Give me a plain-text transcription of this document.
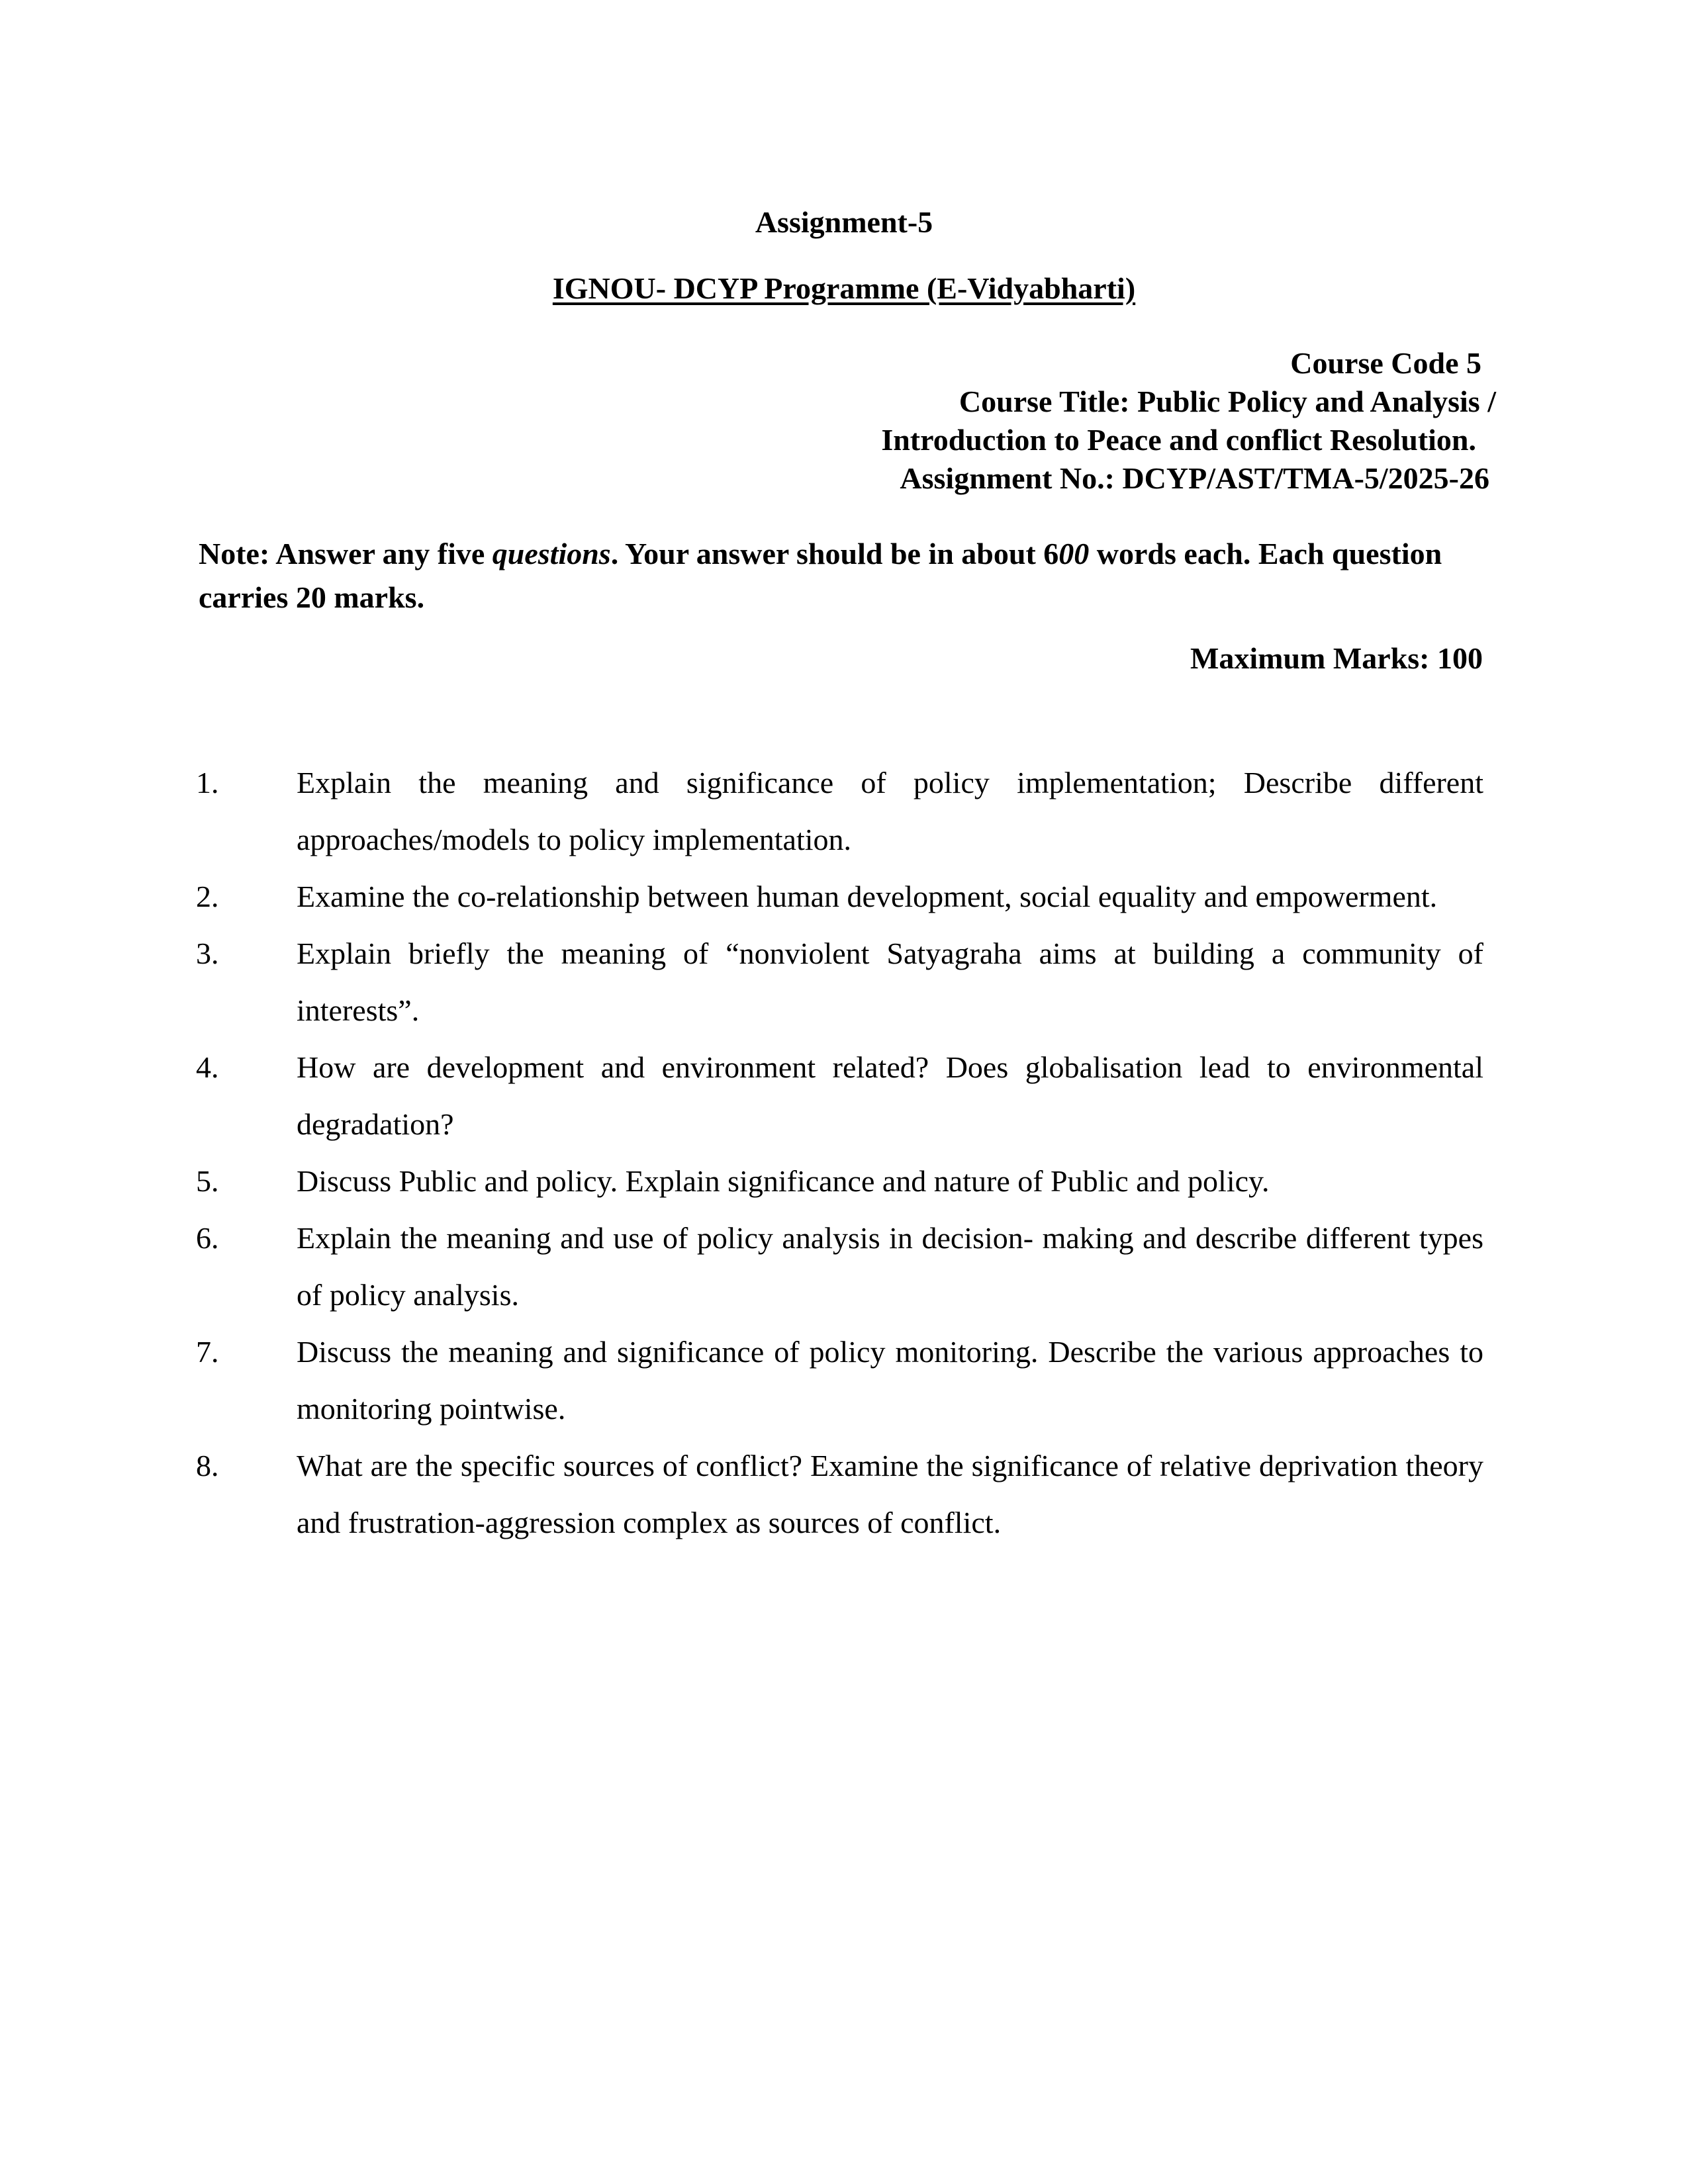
Assignment-5
IGNOU- DCYP Programme (E-Vidyabharti)
Course Code 5
Course Title: Public Policy and Analysis /
Introduction to Peace and conflict Resolution.
Assignment No.: DCYP/AST/TMA-5/2025-26
Note: Answer any five questions. Your answer should be in about 600 words each. Each question carries 20 marks.
Maximum Marks: 100
1.	Explain the meaning and significance of policy implementation; Describe different approaches/models to policy implementation.
2.	Examine the co-relationship between human development, social equality and empowerment.
3.	Explain briefly the meaning of “nonviolent Satyagraha aims at building a community of interests”.
4.	How are development and environment related? Does globalisation lead to environmental degradation?
5.	Discuss Public and policy. Explain significance and nature of Public and policy.
6.	Explain the meaning and use of policy analysis in decision- making and describe different types of policy analysis.
7.	Discuss the meaning and significance of policy monitoring. Describe the various approaches to monitoring pointwise.
8.	What are the specific sources of conflict? Examine the significance of relative deprivation theory and frustration-aggression complex as sources of conflict.
